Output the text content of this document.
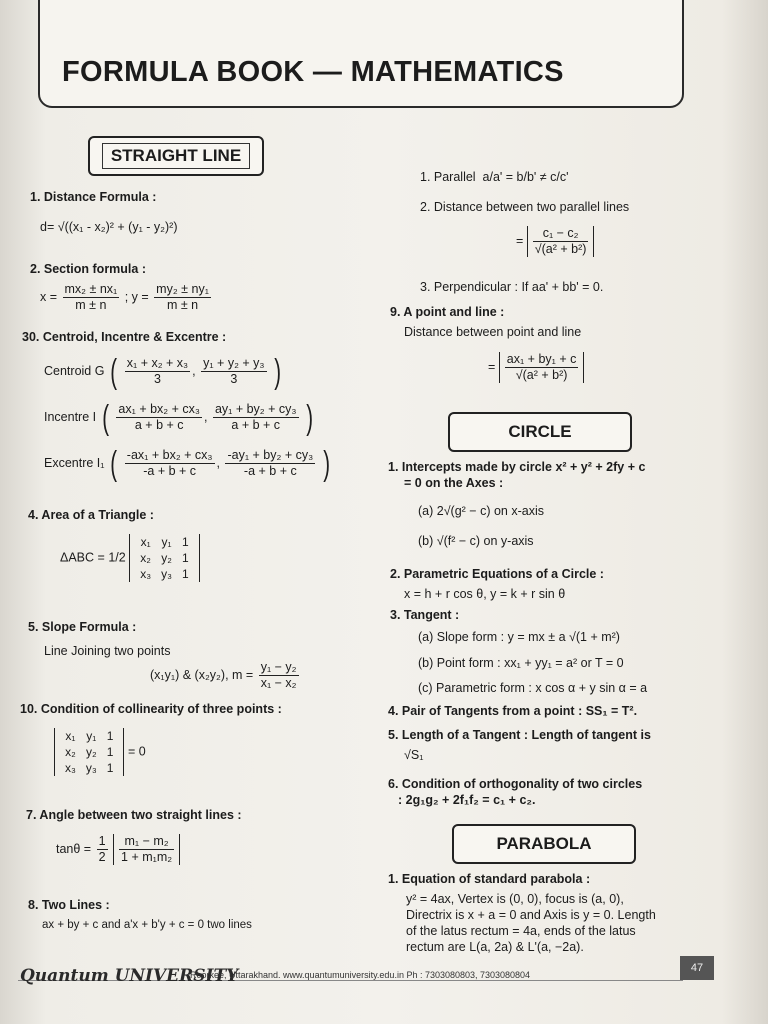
FORMULA BOOK — MATHEMATICS
STRAIGHT LINE
1. Distance Formula :
d= √((x₁ - x₂)² + (y₁ - y₂)²)
2. Section formula :
$x = \frac{\text{mx₂ ± nx₁}}{m \pm n}$ ; $y = \frac{\text{my₂ ± ny₁}}{m \pm n}$
30. Centroid, Incentre & Excentre :
Centroid G ( $\frac{\text{x₁ + x₂ + x₃}}{3}$ , $\frac{\text{y₁ + y₂ + y₃}}{3}$ )
Incentre I ( $\frac{\text{ax₁ + bx₂ + cx₃}}{a + b + c}$ , $\frac{\text{ay₁ + by₂ + cy₃}}{a + b + c}$ )
Excentre I₁ ( $\frac{\text{-ax₁ + bx₂ + cx₃}}{-a + b + c}$ , $\frac{\text{-ay₁ + by₂ + cy₃}}{-a + b + c}$ )
4. Area of a Triangle :
ΔABC = 1/2
x₁	y₁	1
x₂	y₂	1
x₃	y₃	1
5. Slope Formula :
Line Joining two points
(x₁y₁) & (x₂y₂), $m = \frac{\text{y₁ − y₂}}{\text{x₁ − x₂}}$
10. Condition of collinearity of three points :
x₁	y₁	1
x₂	y₂	1
x₃	y₃	1
= 0
7. Angle between two straight lines :
$\tan\theta = \frac{1}{2}$
$\frac{\text{m₁ − m₂}}{\text{1 + m₁m₂}}$
8. Two Lines :
ax + by + c and a'x + b'y + c = 0 two lines
1. Parallel a/a' = b/b' ≠ c/c'
2. Distance between two parallel lines
= $\frac{\text{c₁ − c₂}}{\text{√(a² + b²)}}$
3. Perpendicular : If aa' + bb' = 0.
9. A point and line :
Distance between point and line
= $\frac{\text{ax₁ + by₁ + c}}{\text{√(a² + b²)}}$
CIRCLE
1. Intercepts made by circle x² + y² + 2fy + c
= 0 on the Axes :
(a) 2√(g² − c) on x-axis
(b) √(f² − c) on y-axis
2. Parametric Equations of a Circle :
x = h + r cos θ, y = k + r sin θ
3. Tangent :
(a) Slope form : y = mx ± a √(1 + m²)
(b) Point form : xx₁ + yy₁ = a² or T = 0
(c) Parametric form : x cos α + y sin α = a
4. Pair of Tangents from a point : SS₁ = T².
5. Length of a Tangent : Length of tangent is
√S₁
6. Condition of orthogonality of two circles
: 2g₁g₂ + 2f₁f₂ = c₁ + c₂.
PARABOLA
1. Equation of standard parabola :
y² = 4ax, Vertex is (0, 0), focus is (a, 0),
Directrix is x + a = 0 and Axis is y = 0. Length
of the latus rectum = 4a, ends of the latus
rectum are L(a, 2a) & L'(a, −2a).
Quantum UNIVERSITY
Roorkee, Uttarakhand. www.quantumuniversity.edu.in Ph : 7303080803, 7303080804
47
